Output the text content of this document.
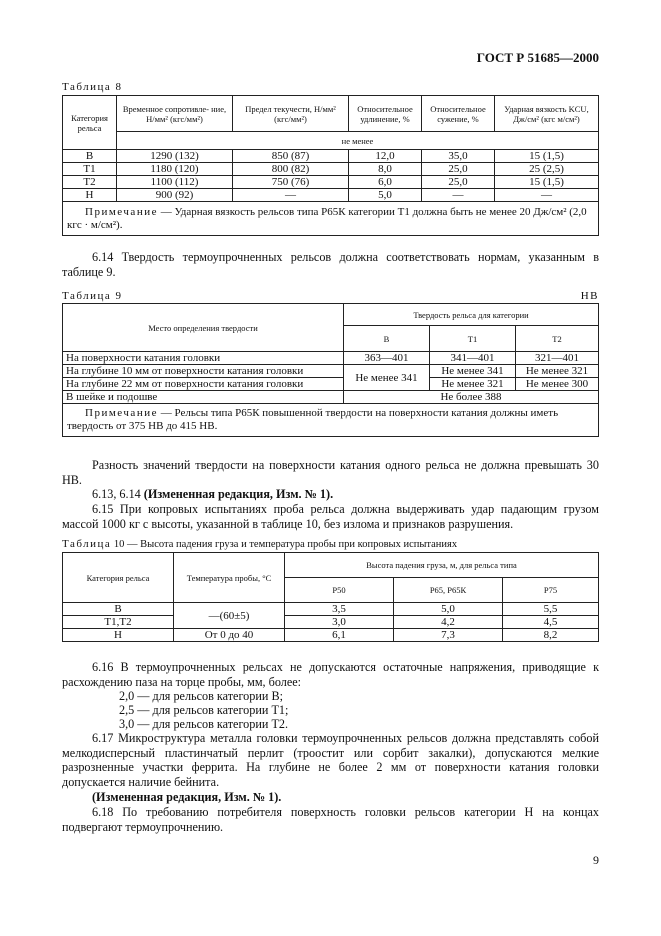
ГОСТ Р 51685—2000
Таблица 8
Категория рельса	Временное сопротивле- ние, Н/мм² (кгс/мм²)	Предел текучести, Н/мм² (кгс/мм²)	Относительное удлинение, %	Относительное сужение, %	Ударная вязкость KCU, Дж/см² (кгс м/см²)
	не менее				
В	1290 (132)	850 (87)	12,0	35,0	15 (1,5)
Т1	1180 (120)	800 (82)	8,0	25,0	25 (2,5)
Т2	1100 (112)	750 (76)	6,0	25,0	15 (1,5)
Н	900 (92)	—	5,0	—	—
Примечание — Ударная вязкость рельсов типа Р65К категории Т1 должна быть не менее 20 Дж/см² (2,0 кгс · м/см²).					
6.14 Твердость термоупрочненных рельсов должна соответствовать нормам, указанным в таблице 9.
Таблица 9	НВ
Место определения твердости	Твердость рельса для категории		
	В	Т1	Т2
На поверхности катания головки	363—401	341—401	321—401
На глубине 10 мм от поверхности катания головки	Не менее 341	Не менее 341	Не менее 321
На глубине 22 мм от поверхности катания головки		Не менее 321	Не менее 300
В шейке и подошве	Не более 388		
Примечание — Рельсы типа Р65К повышенной твердости на поверхности катания должны иметь твердость от 375 НВ до 415 НВ.			
Разность значений твердости на поверхности катания одного рельса не должна превышать 30 НВ.
6.13, 6.14 (Измененная редакция, Изм. № 1).
6.15 При копровых испытаниях проба рельса должна выдерживать удар падающим грузом массой 1000 кг с высоты, указанной в таблице 10, без излома и признаков разрушения.
Таблица 10 — Высота падения груза и температура пробы при копровых испытаниях
Категория рельса	Температура пробы, °С	Высота падения груза, м, для рельса типа		
		Р50	Р65, Р65К	Р75
В	—(60±5)	3,5	5,0	5,5
Т1,Т2		3,0	4,2	4,5
Н	От 0 до 40	6,1	7,3	8,2
6.16 В термоупрочненных рельсах не допускаются остаточные напряжения, приводящие к расхождению паза на торце пробы, мм, более:
2,0 — для рельсов категории В;
2,5 — для рельсов категории Т1;
3,0 — для рельсов категории Т2.
6.17 Микроструктура металла головки термоупрочненных рельсов должна представлять собой мелкодисперсный пластинчатый перлит (троостит или сорбит закалки), допускаются мелкие разрозненные участки феррита. На глубине не более 2 мм от поверхности катания головки допускается наличие бейнита.
(Измененная редакция, Изм. № 1).
6.18 По требованию потребителя поверхность головки рельсов категории Н на концах подвергают термоупрочнению.
9
